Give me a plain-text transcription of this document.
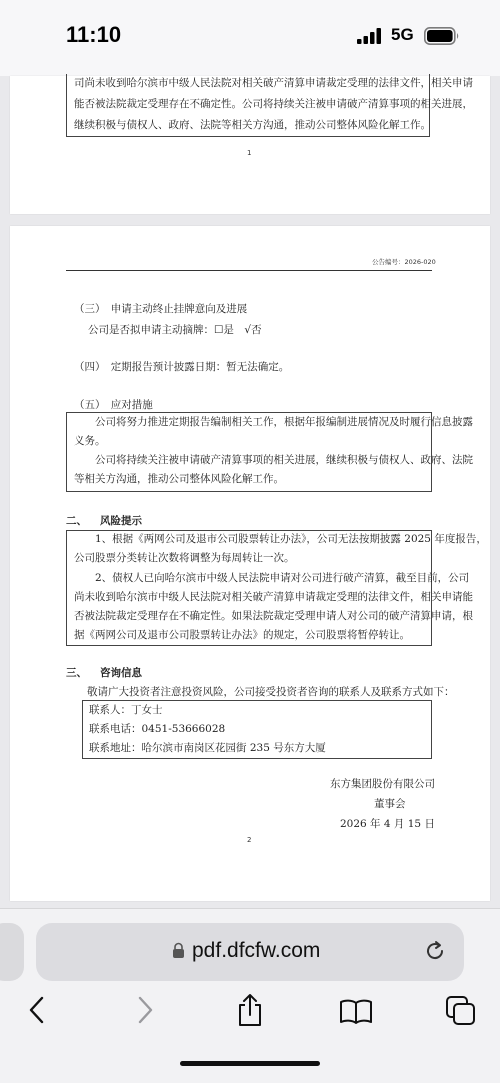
11:10	5G
司尚未收到哈尔滨市中级人民法院对相关破产清算申请裁定受理的法律文件，相关申请
能否被法院裁定受理存在不确定性。公司将持续关注被申请破产清算事项的相关进展，
继续积极与债权人、政府、法院等相关方沟通，推动公司整体风险化解工作。
1
公告编号：2026-020
（三）　申请主动终止挂牌意向及进展
公司是否拟申请主动摘牌：☐是　√否
（四）　定期报告预计披露日期：暂无法确定。
（五）　应对措施
　　公司将努力推进定期报告编制相关工作，根据年报编制进展情况及时履行信息披露
义务。
　　公司将持续关注被申请破产清算事项的相关进展，继续积极与债权人、政府、法院
等相关方沟通，推动公司整体风险化解工作。
二、 风险提示
　　1、根据《两网公司及退市公司股票转让办法》，公司无法按期披露 2025 年度报告，
公司股票分类转让次数将调整为每周转让一次。
　　2、债权人已向哈尔滨市中级人民法院申请对公司进行破产清算，截至目前，公司
尚未收到哈尔滨市中级人民法院对相关破产清算申请裁定受理的法律文件，相关申请能
否被法院裁定受理存在不确定性。如果法院裁定受理申请人对公司的破产清算申请，根
据《两网公司及退市公司股票转让办法》的规定，公司股票将暂停转让。
三、 咨询信息
　　敬请广大投资者注意投资风险，公司接受投资者咨询的联系人及联系方式如下：
联系人：丁女士
联系电话：0451-53666028
联系地址：哈尔滨市南岗区花园街 235 号东方大厦
东方集团股份有限公司
董事会
2026 年 4 月 15 日
2
pdf.dfcfw.com
